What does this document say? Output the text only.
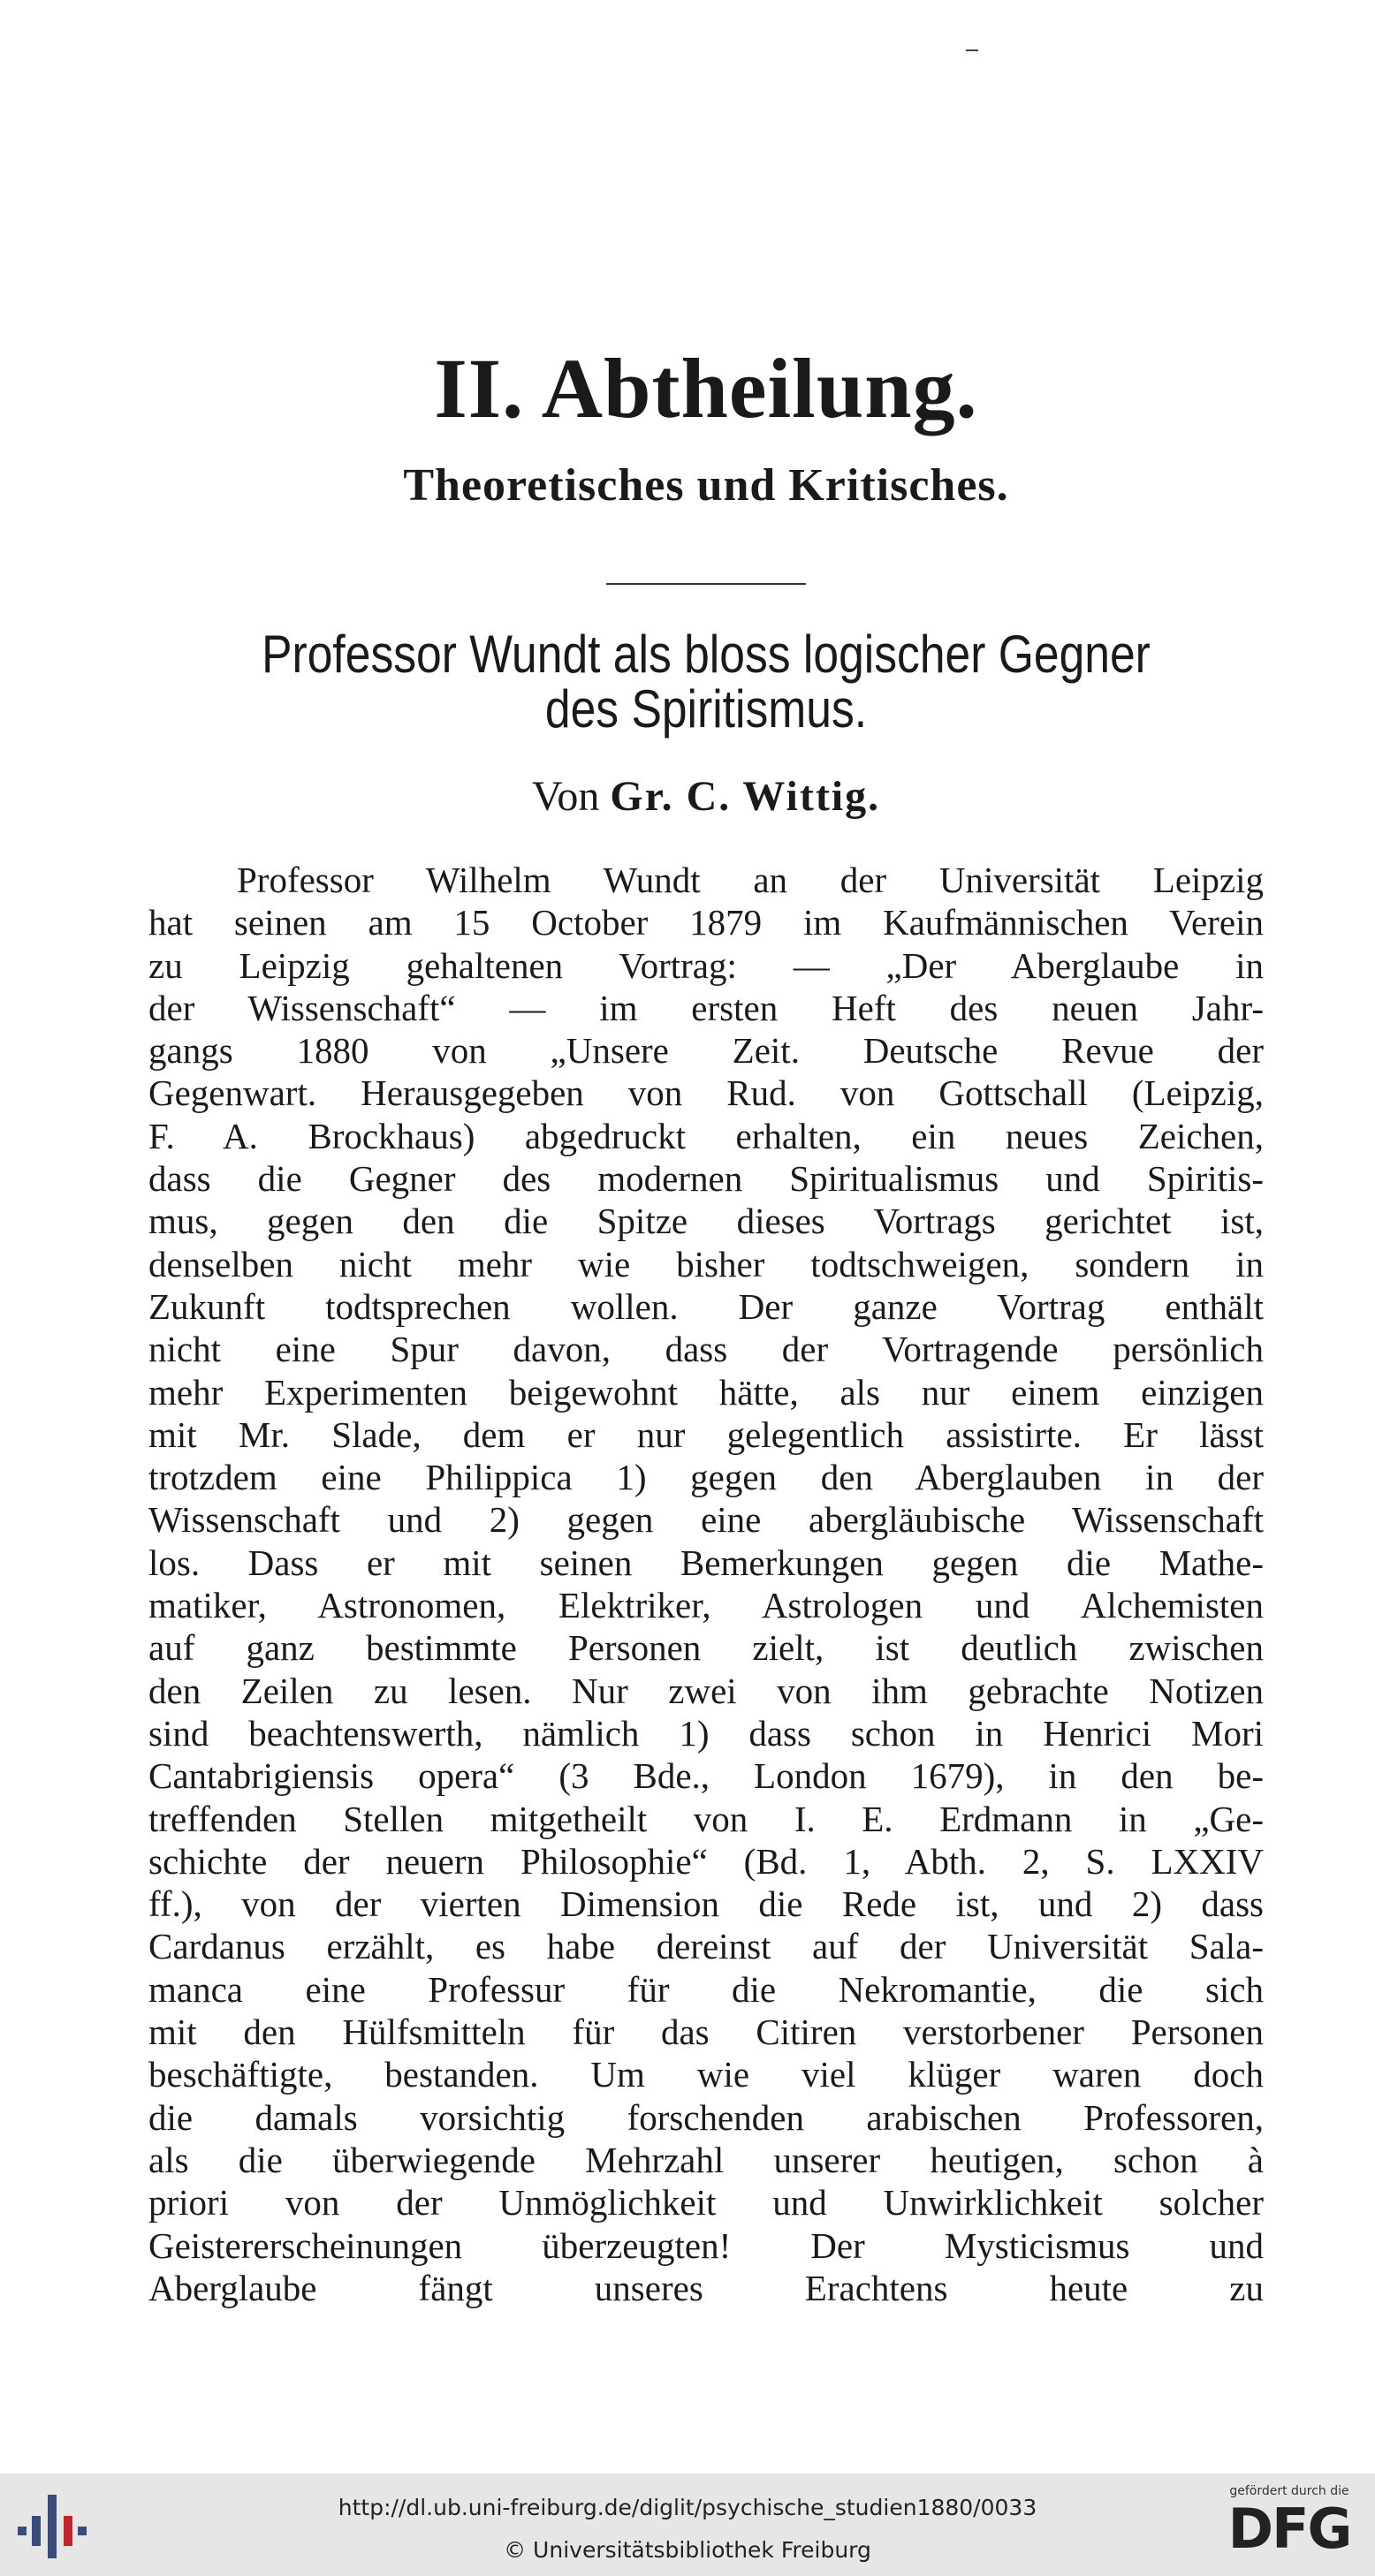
II. Abtheilung.
Theoretisches und Kritisches.
Professor Wundt als bloss logischer Gegner des Spiritismus.
Von Gr. C. Wittig.
Professor Wilhelm Wundt an der Universität Leipzig
hat seinen am 15 October 1879 im Kaufmännischen Verein
zu Leipzig gehaltenen Vortrag: — „Der Aberglaube in
der Wissenschaft“ — im ersten Heft des neuen Jahr-
gangs 1880 von „Unsere Zeit. Deutsche Revue der
Gegenwart. Herausgegeben von Rud. von Gottschall (Leipzig,
F. A. Brockhaus) abgedruckt erhalten, ein neues Zeichen,
dass die Gegner des modernen Spiritualismus und Spiritis-
mus, gegen den die Spitze dieses Vortrags gerichtet ist,
denselben nicht mehr wie bisher todtschweigen, sondern in
Zukunft todtsprechen wollen. Der ganze Vortrag enthält
nicht eine Spur davon, dass der Vortragende persönlich
mehr Experimenten beigewohnt hätte, als nur einem einzigen
mit Mr. Slade, dem er nur gelegentlich assistirte. Er lässt
trotzdem eine Philippica 1) gegen den Aberglauben in der
Wissenschaft und 2) gegen eine abergläubische Wissenschaft
los. Dass er mit seinen Bemerkungen gegen die Mathe-
matiker, Astronomen, Elektriker, Astrologen und Alchemisten
auf ganz bestimmte Personen zielt, ist deutlich zwischen
den Zeilen zu lesen. Nur zwei von ihm gebrachte Notizen
sind beachtenswerth, nämlich 1) dass schon in Henrici Mori
Cantabrigiensis opera“ (3 Bde., London 1679), in den be-
treffenden Stellen mitgetheilt von I. E. Erdmann in „Ge-
schichte der neuern Philosophie“ (Bd. 1, Abth. 2, S. LXXIV
ff.), von der vierten Dimension die Rede ist, und 2) dass
Cardanus erzählt, es habe dereinst auf der Universität Sala-
manca eine Professur für die Nekromantie, die sich
mit den Hülfsmitteln für das Citiren verstorbener Personen
beschäftigte, bestanden. Um wie viel klüger waren doch
die damals vorsichtig forschenden arabischen Professoren,
als die überwiegende Mehrzahl unserer heutigen, schon à
priori von der Unmöglichkeit und Unwirklichkeit solcher
Geistererscheinungen überzeugten! Der Mysticismus und
Aberglaube fängt unseres Erachtens heute zu
http://dl.ub.uni-freiburg.de/diglit/psychische_studien1880/0033
© Universitätsbibliothek Freiburg
gefördert durch die
DFG
